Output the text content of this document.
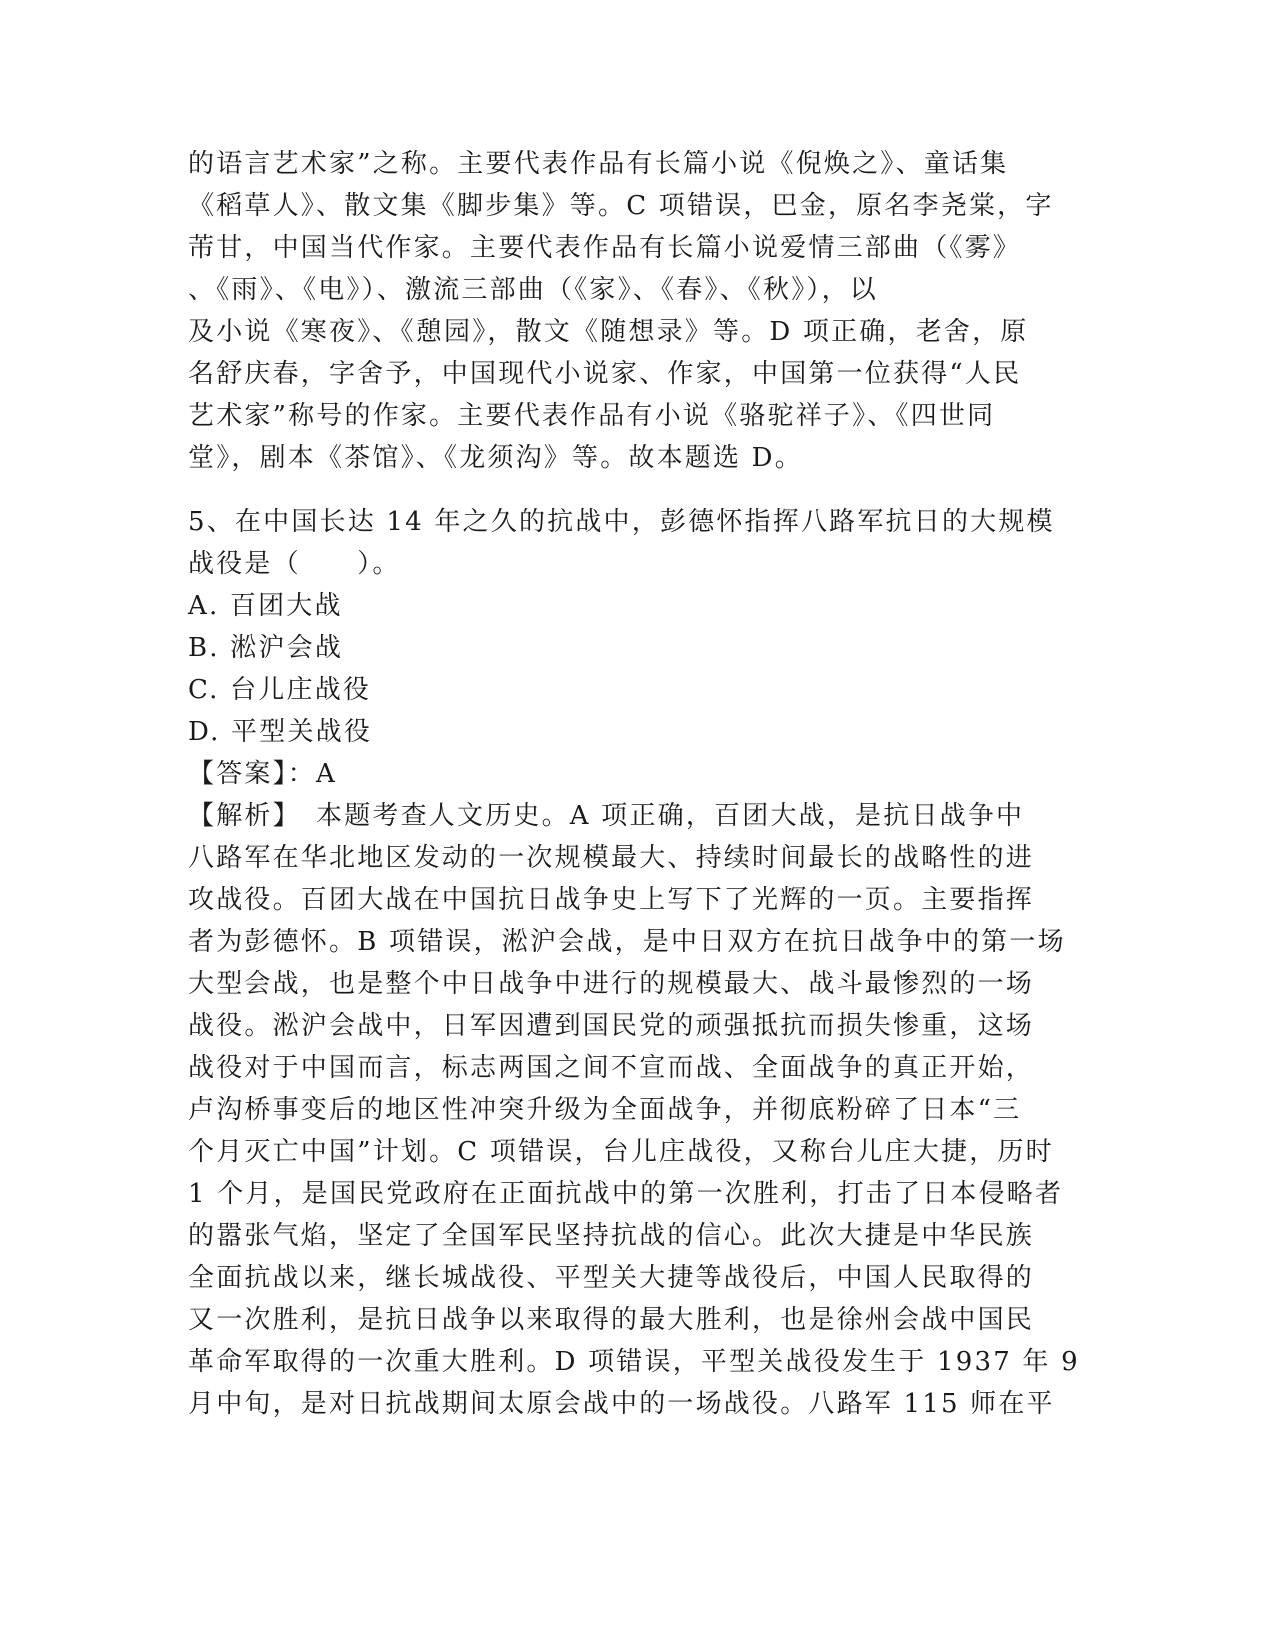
的语言艺术家”之称。主要代表作品有长篇小说《倪焕之》、童话集
《稻草人》、散文集《脚步集》等。C 项错误，巴金，原名李尧棠，字
芾甘，中国当代作家。主要代表作品有长篇小说爱情三部曲（《雾》
、《雨》、《电》）、激流三部曲（《家》、《春》、《秋》），以
及小说《寒夜》、《憩园》，散文《随想录》等。D 项正确，老舍，原
名舒庆春，字舍予，中国现代小说家、作家，中国第一位获得“人民
艺术家”称号的作家。主要代表作品有小说《骆驼祥子》、《四世同
堂》，剧本《茶馆》、《龙须沟》等。故本题选 D。
5、在中国长达 14 年之久的抗战中，彭德怀指挥八路军抗日的大规模
战役是（　　）。
A. 百团大战
B. 淞沪会战
C. 台儿庄战役
D. 平型关战役
【答案】：A
【解析】　本题考查人文历史。A 项正确，百团大战，是抗日战争中
八路军在华北地区发动的一次规模最大、持续时间最长的战略性的进
攻战役。百团大战在中国抗日战争史上写下了光辉的一页。主要指挥
者为彭德怀。B 项错误，淞沪会战，是中日双方在抗日战争中的第一场
大型会战，也是整个中日战争中进行的规模最大、战斗最惨烈的一场
战役。淞沪会战中，日军因遭到国民党的顽强抵抗而损失惨重，这场
战役对于中国而言，标志两国之间不宣而战、全面战争的真正开始，
卢沟桥事变后的地区性冲突升级为全面战争，并彻底粉碎了日本“三
个月灭亡中国”计划。C 项错误，台儿庄战役，又称台儿庄大捷，历时
1 个月，是国民党政府在正面抗战中的第一次胜利，打击了日本侵略者
的嚣张气焰，坚定了全国军民坚持抗战的信心。此次大捷是中华民族
全面抗战以来，继长城战役、平型关大捷等战役后，中国人民取得的
又一次胜利，是抗日战争以来取得的最大胜利，也是徐州会战中国民
革命军取得的一次重大胜利。D 项错误，平型关战役发生于 1937 年 9
月中旬，是对日抗战期间太原会战中的一场战役。八路军 115 师在平
